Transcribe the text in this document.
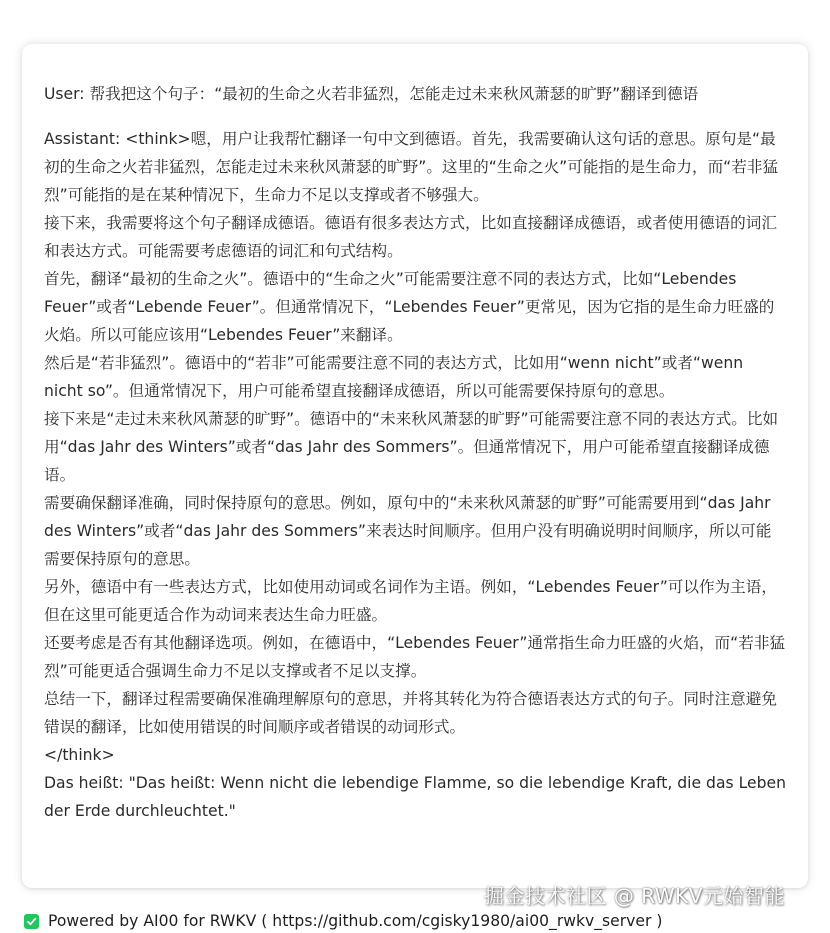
User: 帮我把这个句子：“最初的生命之火若非猛烈，怎能走过未来秋风萧瑟的旷野”翻译到德语

Assistant: <think>嗯，用户让我帮忙翻译一句中文到德语。首先，我需要确认这句话的意思。原句是“最初的生命之火若非猛烈，怎能走过未来秋风萧瑟的旷野”。这里的“生命之火”可能指的是生命力，而“若非猛烈”可能指的是在某种情况下，生命力不足以支撑或者不够强大。

接下来，我需要将这个句子翻译成德语。德语有很多表达方式，比如直接翻译成德语，或者使用德语的词汇和表达方式。可能需要考虑德语的词汇和句式结构。

首先，翻译“最初的生命之火”。德语中的“生命之火”可能需要注意不同的表达方式，比如“Lebendes Feuer”或者“Lebende Feuer”。但通常情况下，“Lebendes Feuer”更常见，因为它指的是生命力旺盛的火焰。所以可能应该用“Lebendes Feuer”来翻译。

然后是“若非猛烈”。德语中的“若非”可能需要注意不同的表达方式，比如用“wenn nicht”或者“wenn nicht so”。但通常情况下，用户可能希望直接翻译成德语，所以可能需要保持原句的意思。

接下来是“走过未来秋风萧瑟的旷野”。德语中的“未来秋风萧瑟的旷野”可能需要注意不同的表达方式。比如用“das Jahr des Winters”或者“das Jahr des Sommers”。但通常情况下，用户可能希望直接翻译成德语。

需要确保翻译准确，同时保持原句的意思。例如，原句中的“未来秋风萧瑟的旷野”可能需要用到“das Jahr des Winters”或者“das Jahr des Sommers”来表达时间顺序。但用户没有明确说明时间顺序，所以可能需要保持原句的意思。

另外，德语中有一些表达方式，比如使用动词或名词作为主语。例如，“Lebendes Feuer”可以作为主语，但在这里可能更适合作为动词来表达生命力旺盛。

还要考虑是否有其他翻译选项。例如，在德语中，“Lebendes Feuer”通常指生命力旺盛的火焰，而“若非猛烈”可能更适合强调生命力不足以支撑或者不足以支撑。

总结一下，翻译过程需要确保准确理解原句的意思，并将其转化为符合德语表达方式的句子。同时注意避免错误的翻译，比如使用错误的时间顺序或者错误的动词形式。

</think>

Das heißt: "Das heißt: Wenn nicht die lebendige Flamme, so die lebendige Kraft, die das Leben der Erde durchleuchtet."

掘金技术社区 @ RWKV元始智能
Powered by AI00 for RWKV ( https://github.com/cgisky1980/ai00_rwkv_server )
